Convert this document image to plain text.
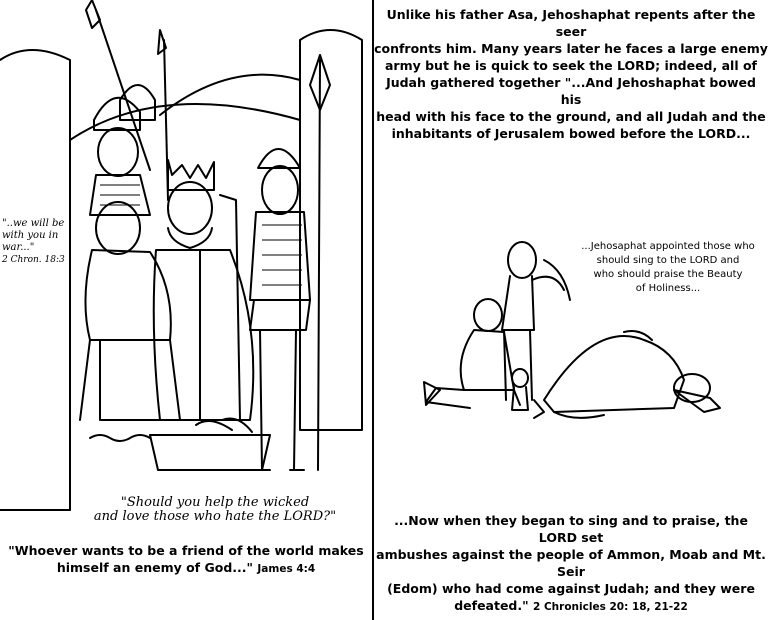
"..we will be
with you in
war..."
2 Chron. 18:3
"Should you help the wicked
and love those who hate the LORD?"
"Whoever wants to be a friend of the world makes
himself an enemy of God..." James 4:4
Unlike his father Asa, Jehoshaphat repents after the seer
confronts him. Many years later he faces a large enemy
army but he is quick to seek the LORD; indeed, all of
Judah gathered together "...And Jehoshaphat bowed his
head with his face to the ground, and all Judah and the
inhabitants of Jerusalem bowed before the LORD...
...Jehosaphat appointed those who
should sing to the LORD and
who should praise the Beauty
of Holiness...
...Now when they began to sing and to praise, the LORD set
ambushes against the people of Ammon, Moab and Mt. Seir
(Edom) who had come against Judah; and they were
defeated." 2 Chronicles 20: 18, 21-22
